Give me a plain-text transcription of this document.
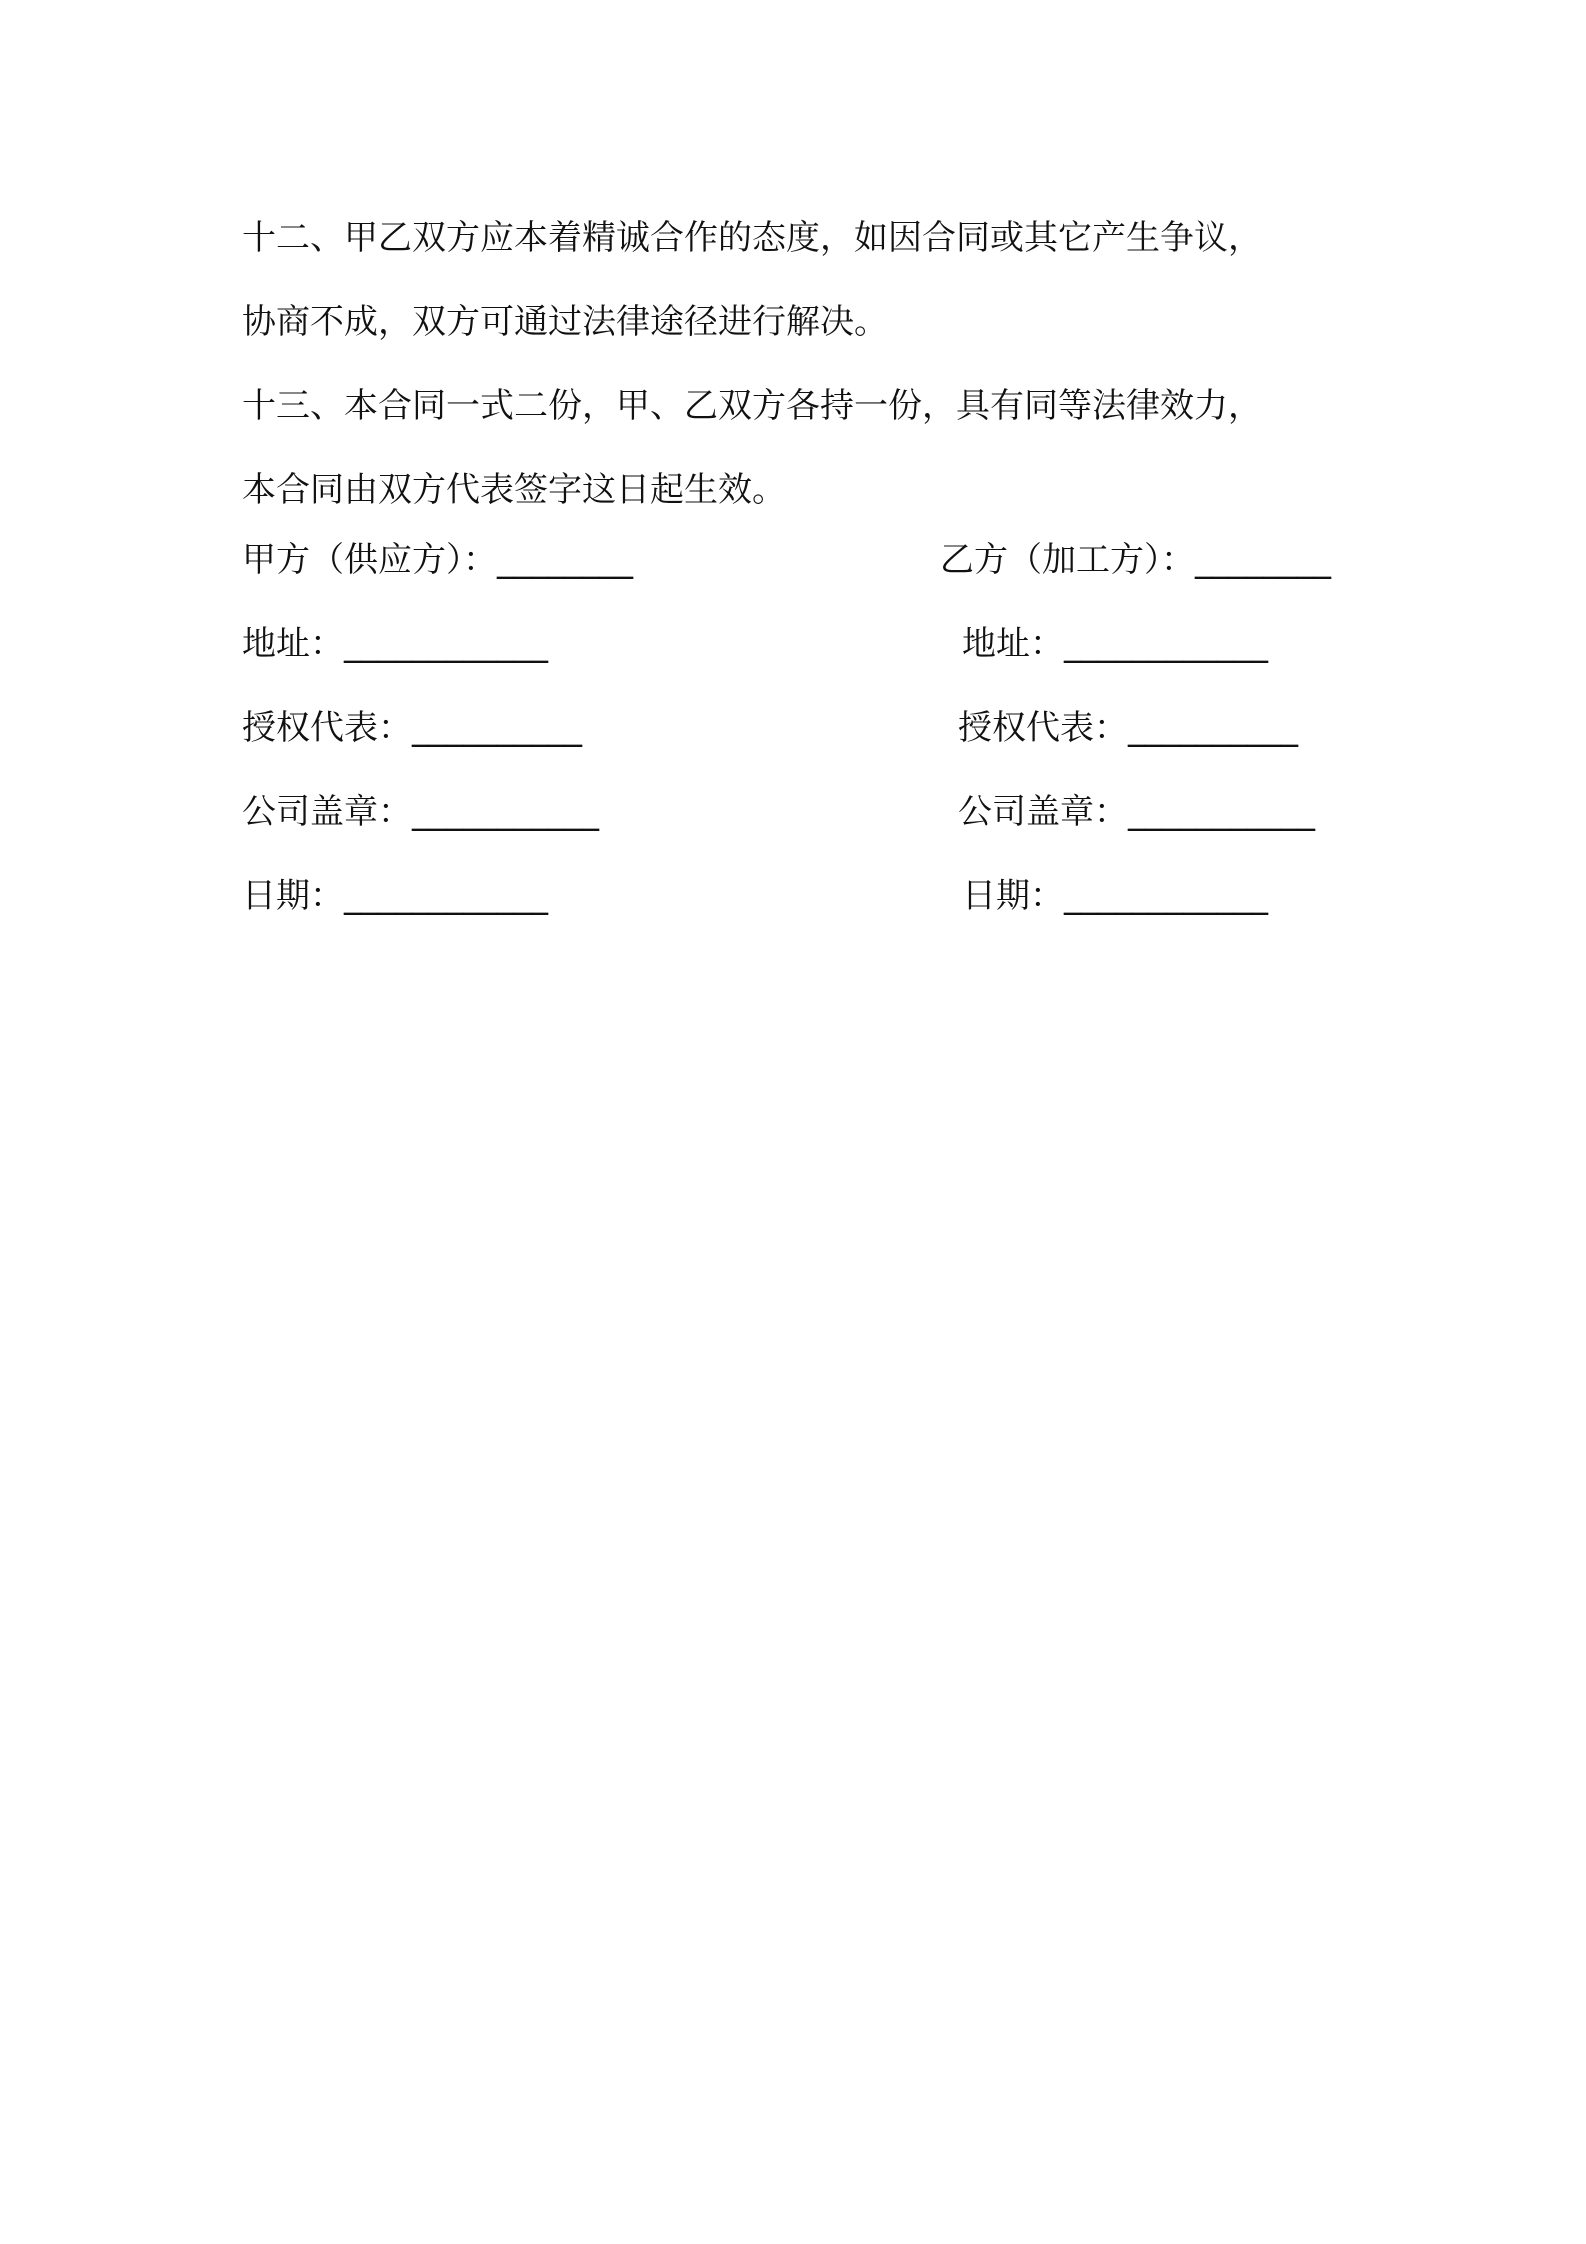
十二、甲乙双方应本着精诚合作的态度，如因合同或其它产生争议，

协商不成，双方可通过法律途径进行解决。

十三、本合同一式二份，甲、乙双方各持一份，具有同等法律效力，

本合同由双方代表签字这日起生效。

甲方（供应方）：________	乙方（加工方）：________
地址：____________	地址：____________
授权代表：__________	授权代表：__________
公司盖章：___________	公司盖章：___________
日期：____________	日期：____________
